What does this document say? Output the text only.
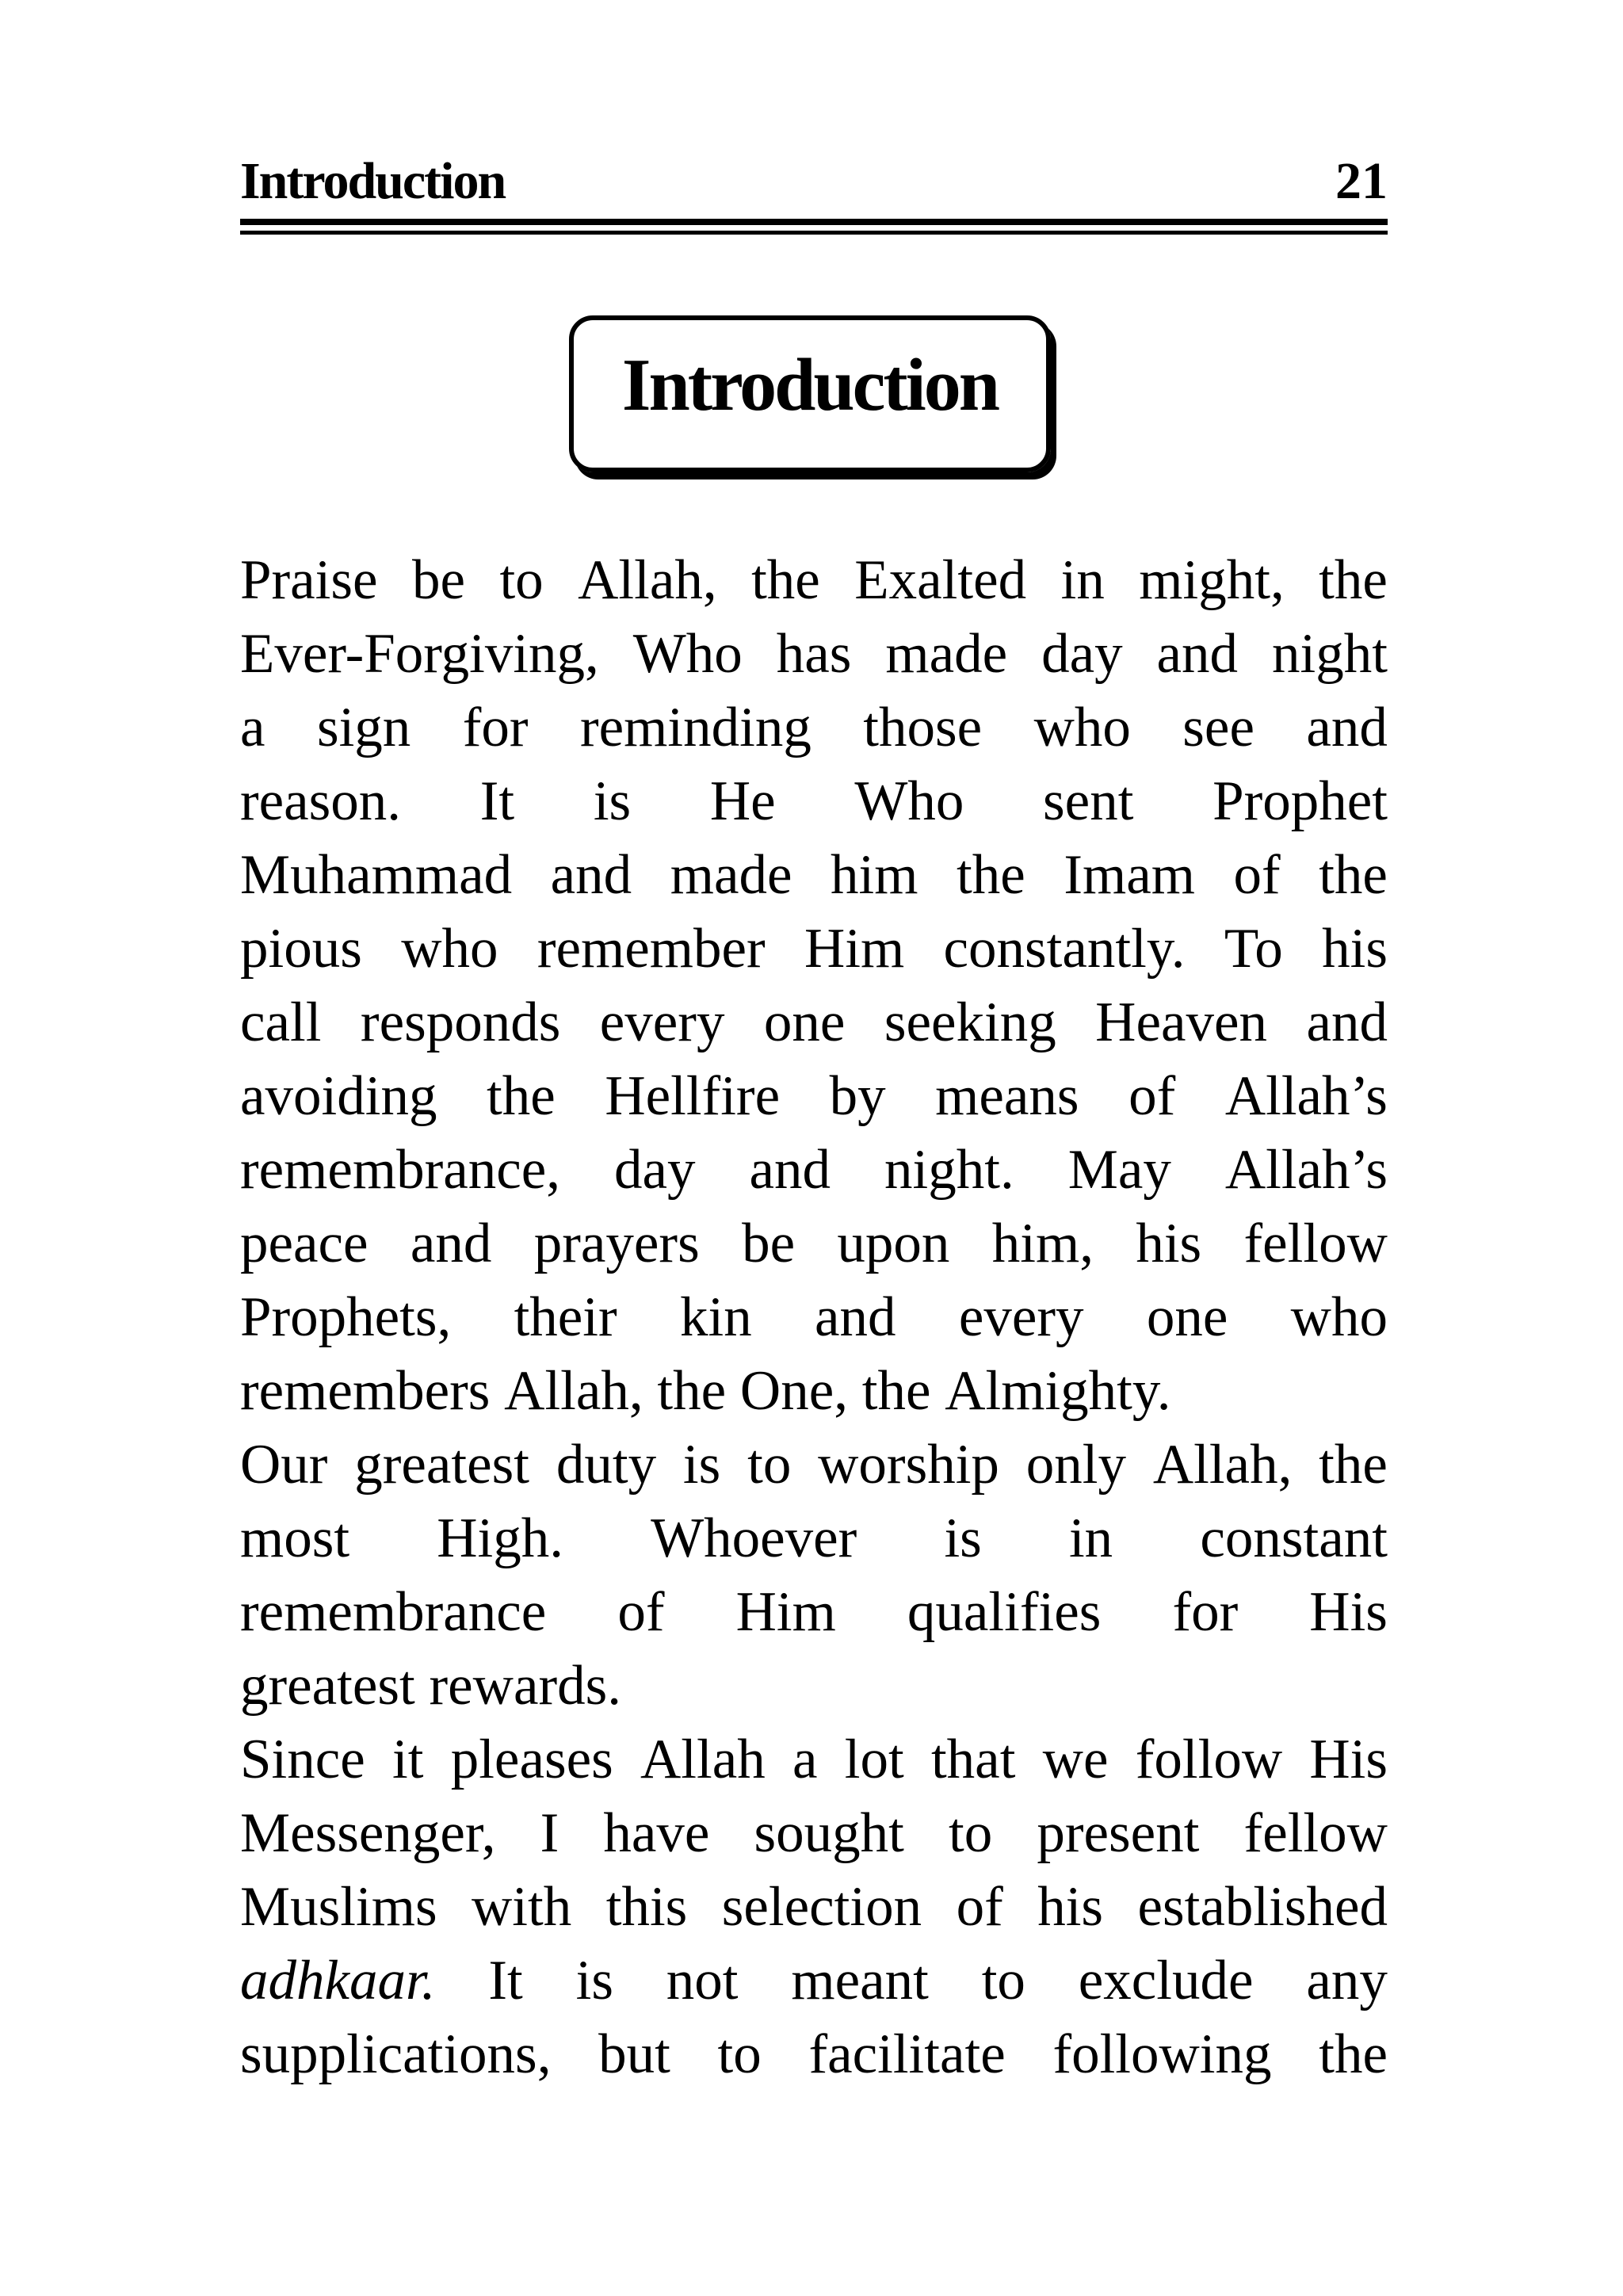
Introduction	21
Introduction
Praise be to Allah, the Exalted in might, the
Ever-Forgiving, Who has made day and night
a sign for reminding those who see and
reason. It is He Who sent Prophet
Muhammad and made him the Imam of the
pious who remember Him constantly. To his
call responds every one seeking Heaven and
avoiding the Hellfire by means of Allah’s
remembrance, day and night. May Allah’s
peace and prayers be upon him, his fellow
Prophets, their kin and every one who
remembers Allah, the One, the Almighty.
Our greatest duty is to worship only Allah, the
most High. Whoever is in constant
remembrance of Him qualifies for His
greatest rewards.
Since it pleases Allah a lot that we follow His
Messenger, I have sought to present fellow
Muslims with this selection of his established
adhkaar. It is not meant to exclude any
supplications, but to facilitate following the
